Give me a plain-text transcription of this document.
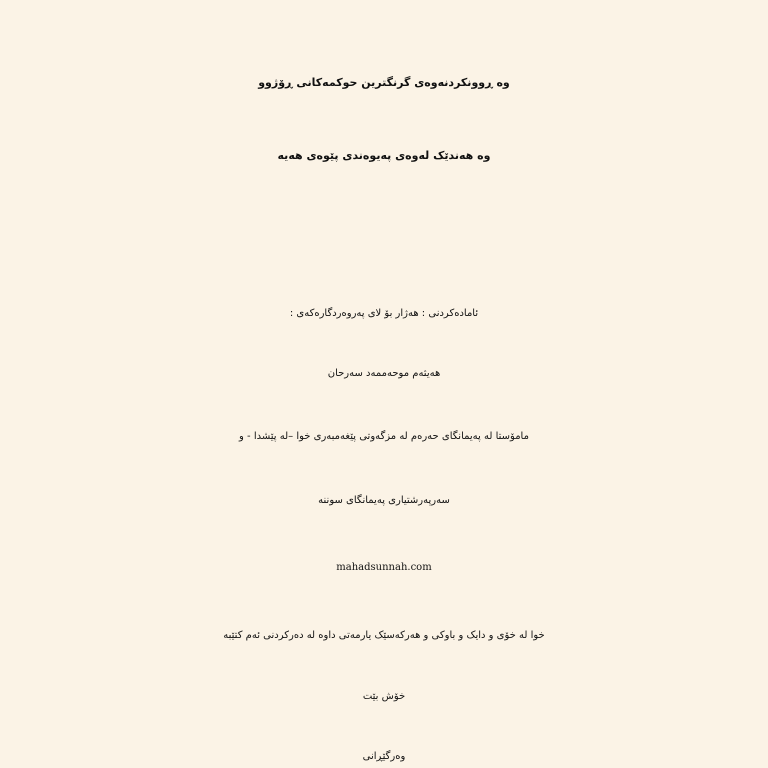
وە ڕوونکردنەوەی گرنگترین حوکمەکانی ڕۆژوو
وە هەندێک لەوەی پەیوەندی پێوەی هەیە
ئامادەکردنی : هەژار بۆ لای پەروەردگارەکەی :
هەیثەم موحەممەد سەرحان
مامۆستا لە پەیمانگای حەرەم لە مزگەوتی پێغەمبەری خوا –لە پێشدا - و
سەرپەرشتیاری پەیمانگای سوننە
mahadsunnah.com
خوا لە خۆی و دایک و باوکی و هەرکەسێک یارمەتی داوە لە دەرکردنی ئەم کتێبە
خۆش بێت
وەرگێڕانی
